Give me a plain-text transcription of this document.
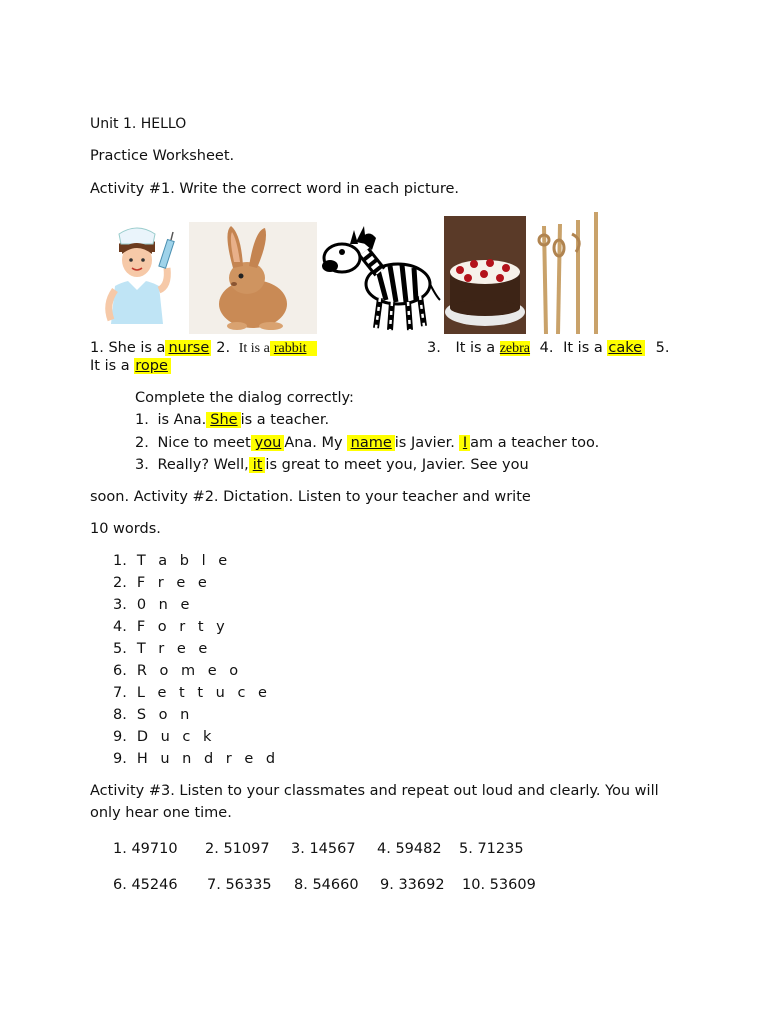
Unit 1. HELLO
Practice Worksheet.
Activity #1. Write the correct word in each picture.
1. She is a nurse 2. It is a rabbit	3. It is a zebra 4. It is a cake 5.
It is a rope
Complete the dialog correctly:
1. is Ana. She is a teacher.
2. Nice to meet you Ana. My name is Javier. I am a teacher too.
3. Really? Well, it is great to meet you, Javier. See you
soon. Activity #2. Dictation. Listen to your teacher and write
10 words.
1. T a b l e
2. F r e e
3. 0 n e
4. F o r t y
5. T r e e
6. R o m e o
7. L e t t u c e
8. S o n
9. D u c k
9. H u n d r e d
Activity #3. Listen to your classmates and repeat out loud and clearly. You will
only hear one time.
1. 49710 2. 51097 3. 14567 4. 59482 5. 71235
6. 45246 7. 56335 8. 54660 9. 33692 10. 53609
